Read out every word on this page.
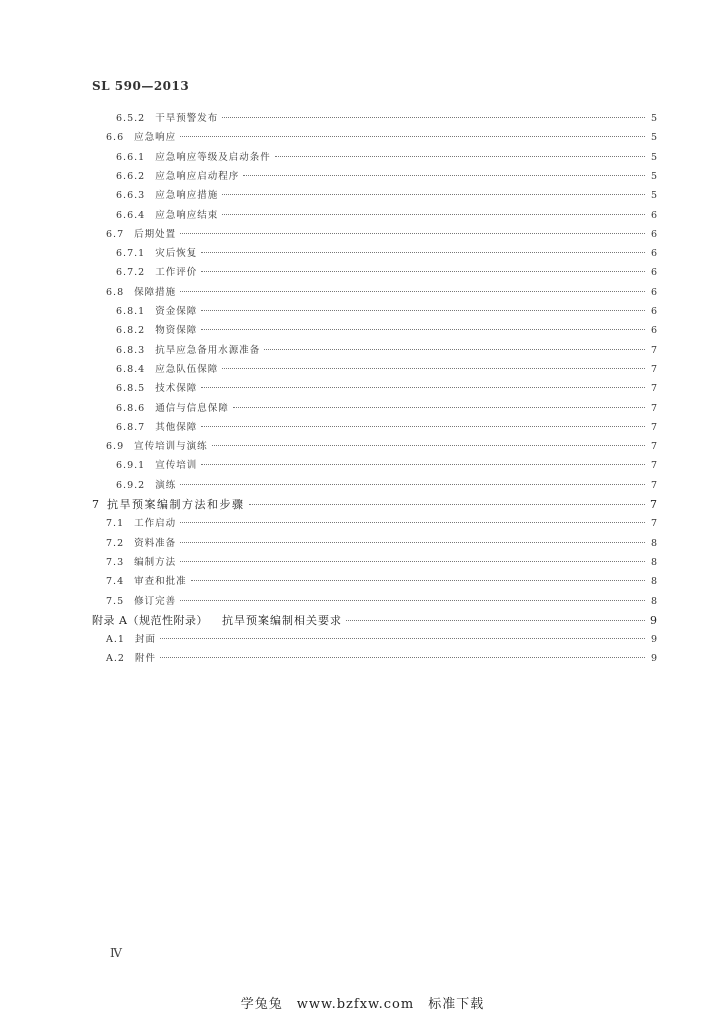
SL 590—2013
6.5.2 干旱预警发布	5
6.6 应急响应	5
6.6.1 应急响应等级及启动条件	5
6.6.2 应急响应启动程序	5
6.6.3 应急响应措施	5
6.6.4 应急响应结束	6
6.7 后期处置	6
6.7.1 灾后恢复	6
6.7.2 工作评价	6
6.8 保障措施	6
6.8.1 资金保障	6
6.8.2 物资保障	6
6.8.3 抗旱应急备用水源准备	7
6.8.4 应急队伍保障	7
6.8.5 技术保障	7
6.8.6 通信与信息保障	7
6.8.7 其他保障	7
6.9 宣传培训与演练	7
6.9.1 宣传培训	7
6.9.2 演练	7
7 抗旱预案编制方法和步骤	7
7.1 工作启动	7
7.2 资料准备	8
7.3 编制方法	8
7.4 审查和批准	8
7.5 修订完善	8
附录 A（规范性附录） 抗旱预案编制相关要求	9
A.1 封面	9
A.2 附件	9
Ⅳ
学兔兔　www.bzfxw.com　标准下载
